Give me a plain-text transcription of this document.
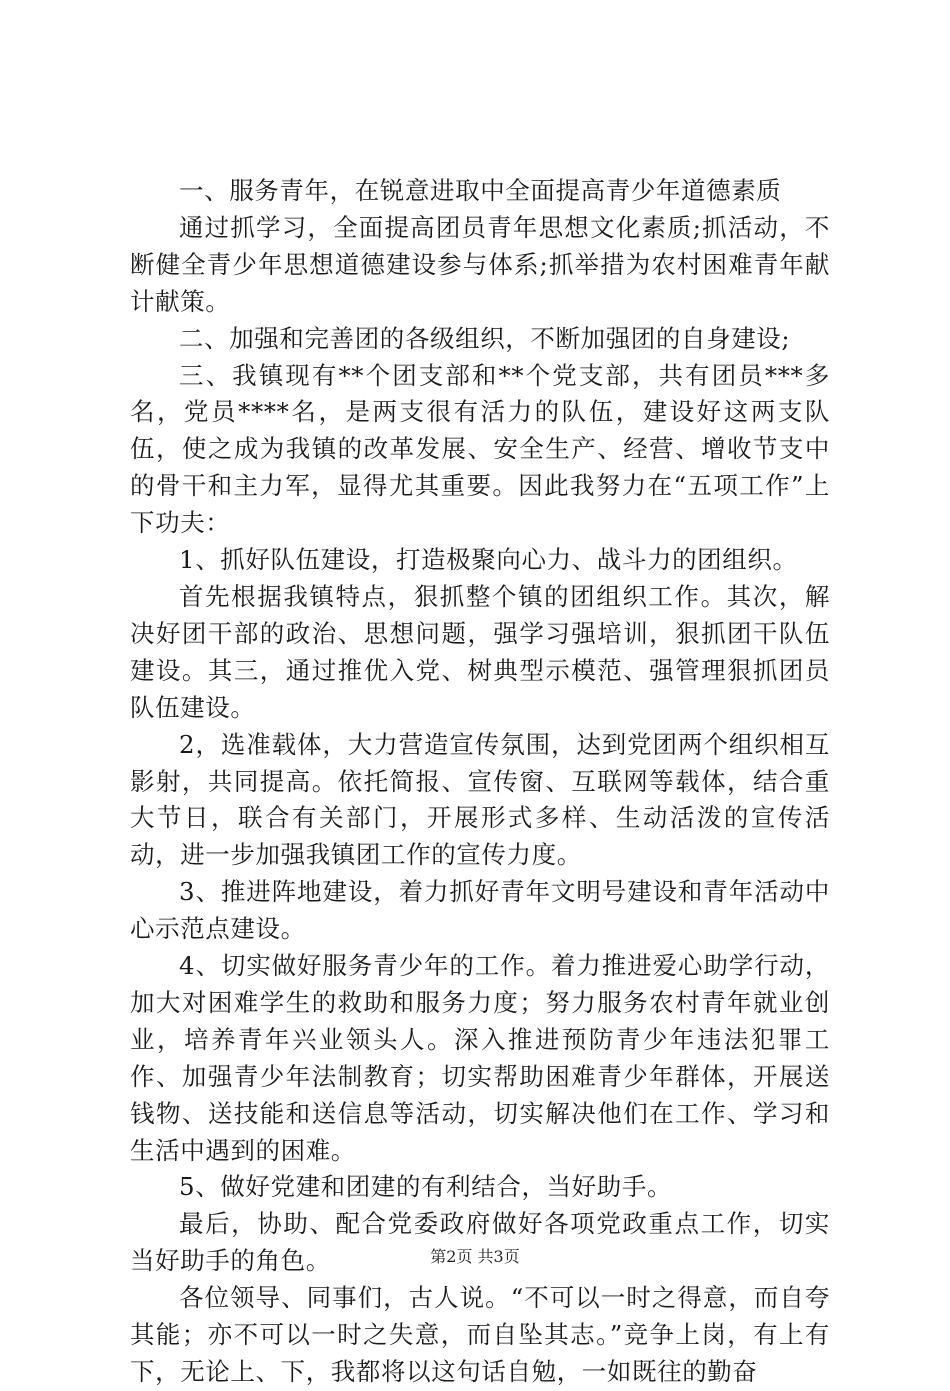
一、服务青年，在锐意进取中全面提高青少年道德素质

通过抓学习，全面提高团员青年思想文化素质;抓活动，不断健全青少年思想道德建设参与体系;抓举措为农村困难青年献计献策。

二、加强和完善团的各级组织，不断加强团的自身建设;

三、我镇现有**个团支部和**个党支部，共有团员***多名，党员****名，是两支很有活力的队伍，建设好这两支队伍，使之成为我镇的改革发展、安全生产、经营、增收节支中的骨干和主力军，显得尤其重要。因此我努力在“五项工作”上下功夫：

1、抓好队伍建设，打造极聚向心力、战斗力的团组织。

首先根据我镇特点，狠抓整个镇的团组织工作。其次，解决好团干部的政治、思想问题，强学习强培训，狠抓团干队伍建设。其三，通过推优入党、树典型示模范、强管理狠抓团员队伍建设。

2，选准载体，大力营造宣传氛围，达到党团两个组织相互影射，共同提高。依托简报、宣传窗、互联网等载体，结合重大节日，联合有关部门，开展形式多样、生动活泼的宣传活动，进一步加强我镇团工作的宣传力度。

3、推进阵地建设，着力抓好青年文明号建设和青年活动中心示范点建设。

4、切实做好服务青少年的工作。着力推进爱心助学行动，加大对困难学生的救助和服务力度；努力服务农村青年就业创业，培养青年兴业领头人。深入推进预防青少年违法犯罪工作、加强青少年法制教育；切实帮助困难青少年群体，开展送钱物、送技能和送信息等活动，切实解决他们在工作、学习和生活中遇到的困难。

5、做好党建和团建的有利结合，当好助手。

最后，协助、配合党委政府做好各项党政重点工作，切实当好助手的角色。

各位领导、同事们，古人说。“不可以一时之得意，而自夸其能；亦不可以一时之失意，而自坠其志。”竞争上岗，有上有下，无论上、下，我都将以这句话自勉，一如既往的勤奋

第2页 共3页
